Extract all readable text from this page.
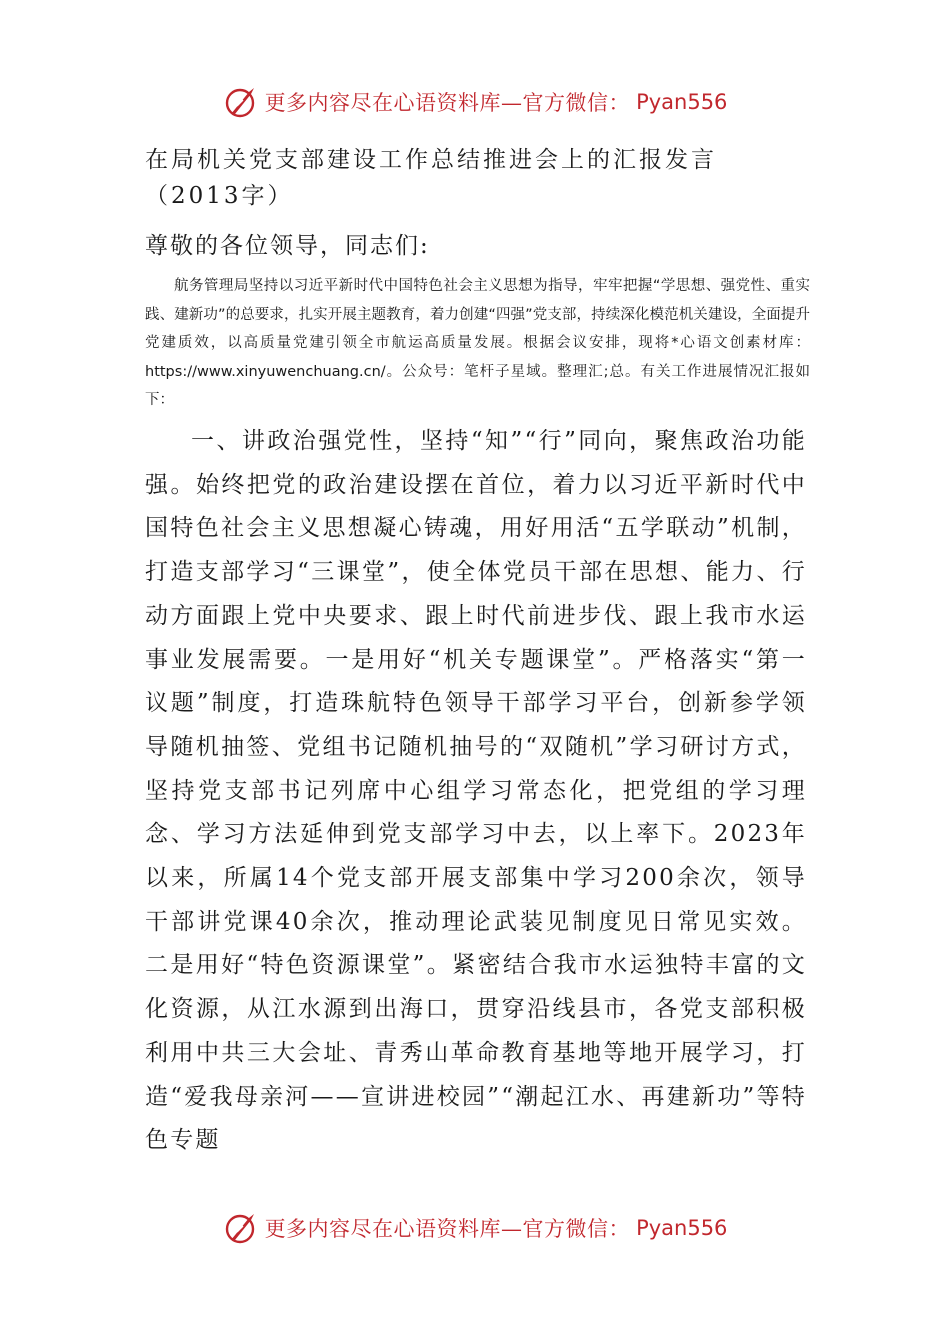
更多内容尽在心语资料库—官方微信： Pyan556
在局机关党支部建设工作总结推进会上的汇报发言（2013字）
尊敬的各位领导，同志们:

航务管理局坚持以习近平新时代中国特色社会主义思想为指导，牢牢把握“学思想、强党性、重实践、建新功”的总要求，扎实开展主题教育，着力创建“四强”党支部，持续深化模范机关建设，全面提升党建质效，以高质量党建引领全市航运高质量发展。根据会议安排，现将*心语文创素材库：https://www.xinyuwenchuang.cn/。公众号：笔杆子星域。整理汇;总。有关工作进展情况汇报如下：

一、讲政治强党性，坚持“知”“行”同向，聚焦政治功能强。始终把党的政治建设摆在首位，着力以习近平新时代中国特色社会主义思想凝心铸魂，用好用活“五学联动”机制，打造支部学习“三课堂”，使全体党员干部在思想、能力、行动方面跟上党中央要求、跟上时代前进步伐、跟上我市水运事业发展需要。一是用好“机关专题课堂”。严格落实“第一议题”制度，打造珠航特色领导干部学习平台，创新参学领导随机抽签、党组书记随机抽号的“双随机”学习研讨方式，坚持党支部书记列席中心组学习常态化，把党组的学习理念、学习方法延伸到党支部学习中去，以上率下。2023年以来，所属14个党支部开展支部集中学习200余次，领导干部讲党课40余次，推动理论武装见制度见日常见实效。二是用好“特色资源课堂”。紧密结合我市水运独特丰富的文化资源，从江水源到出海口，贯穿沿线县市，各党支部积极利用中共三大会址、青秀山革命教育基地等地开展学习，打造“爱我母亲河——宣讲进校园”“潮起江水、再建新功”等特色专题

更多内容尽在心语资料库—官方微信： Pyan556
